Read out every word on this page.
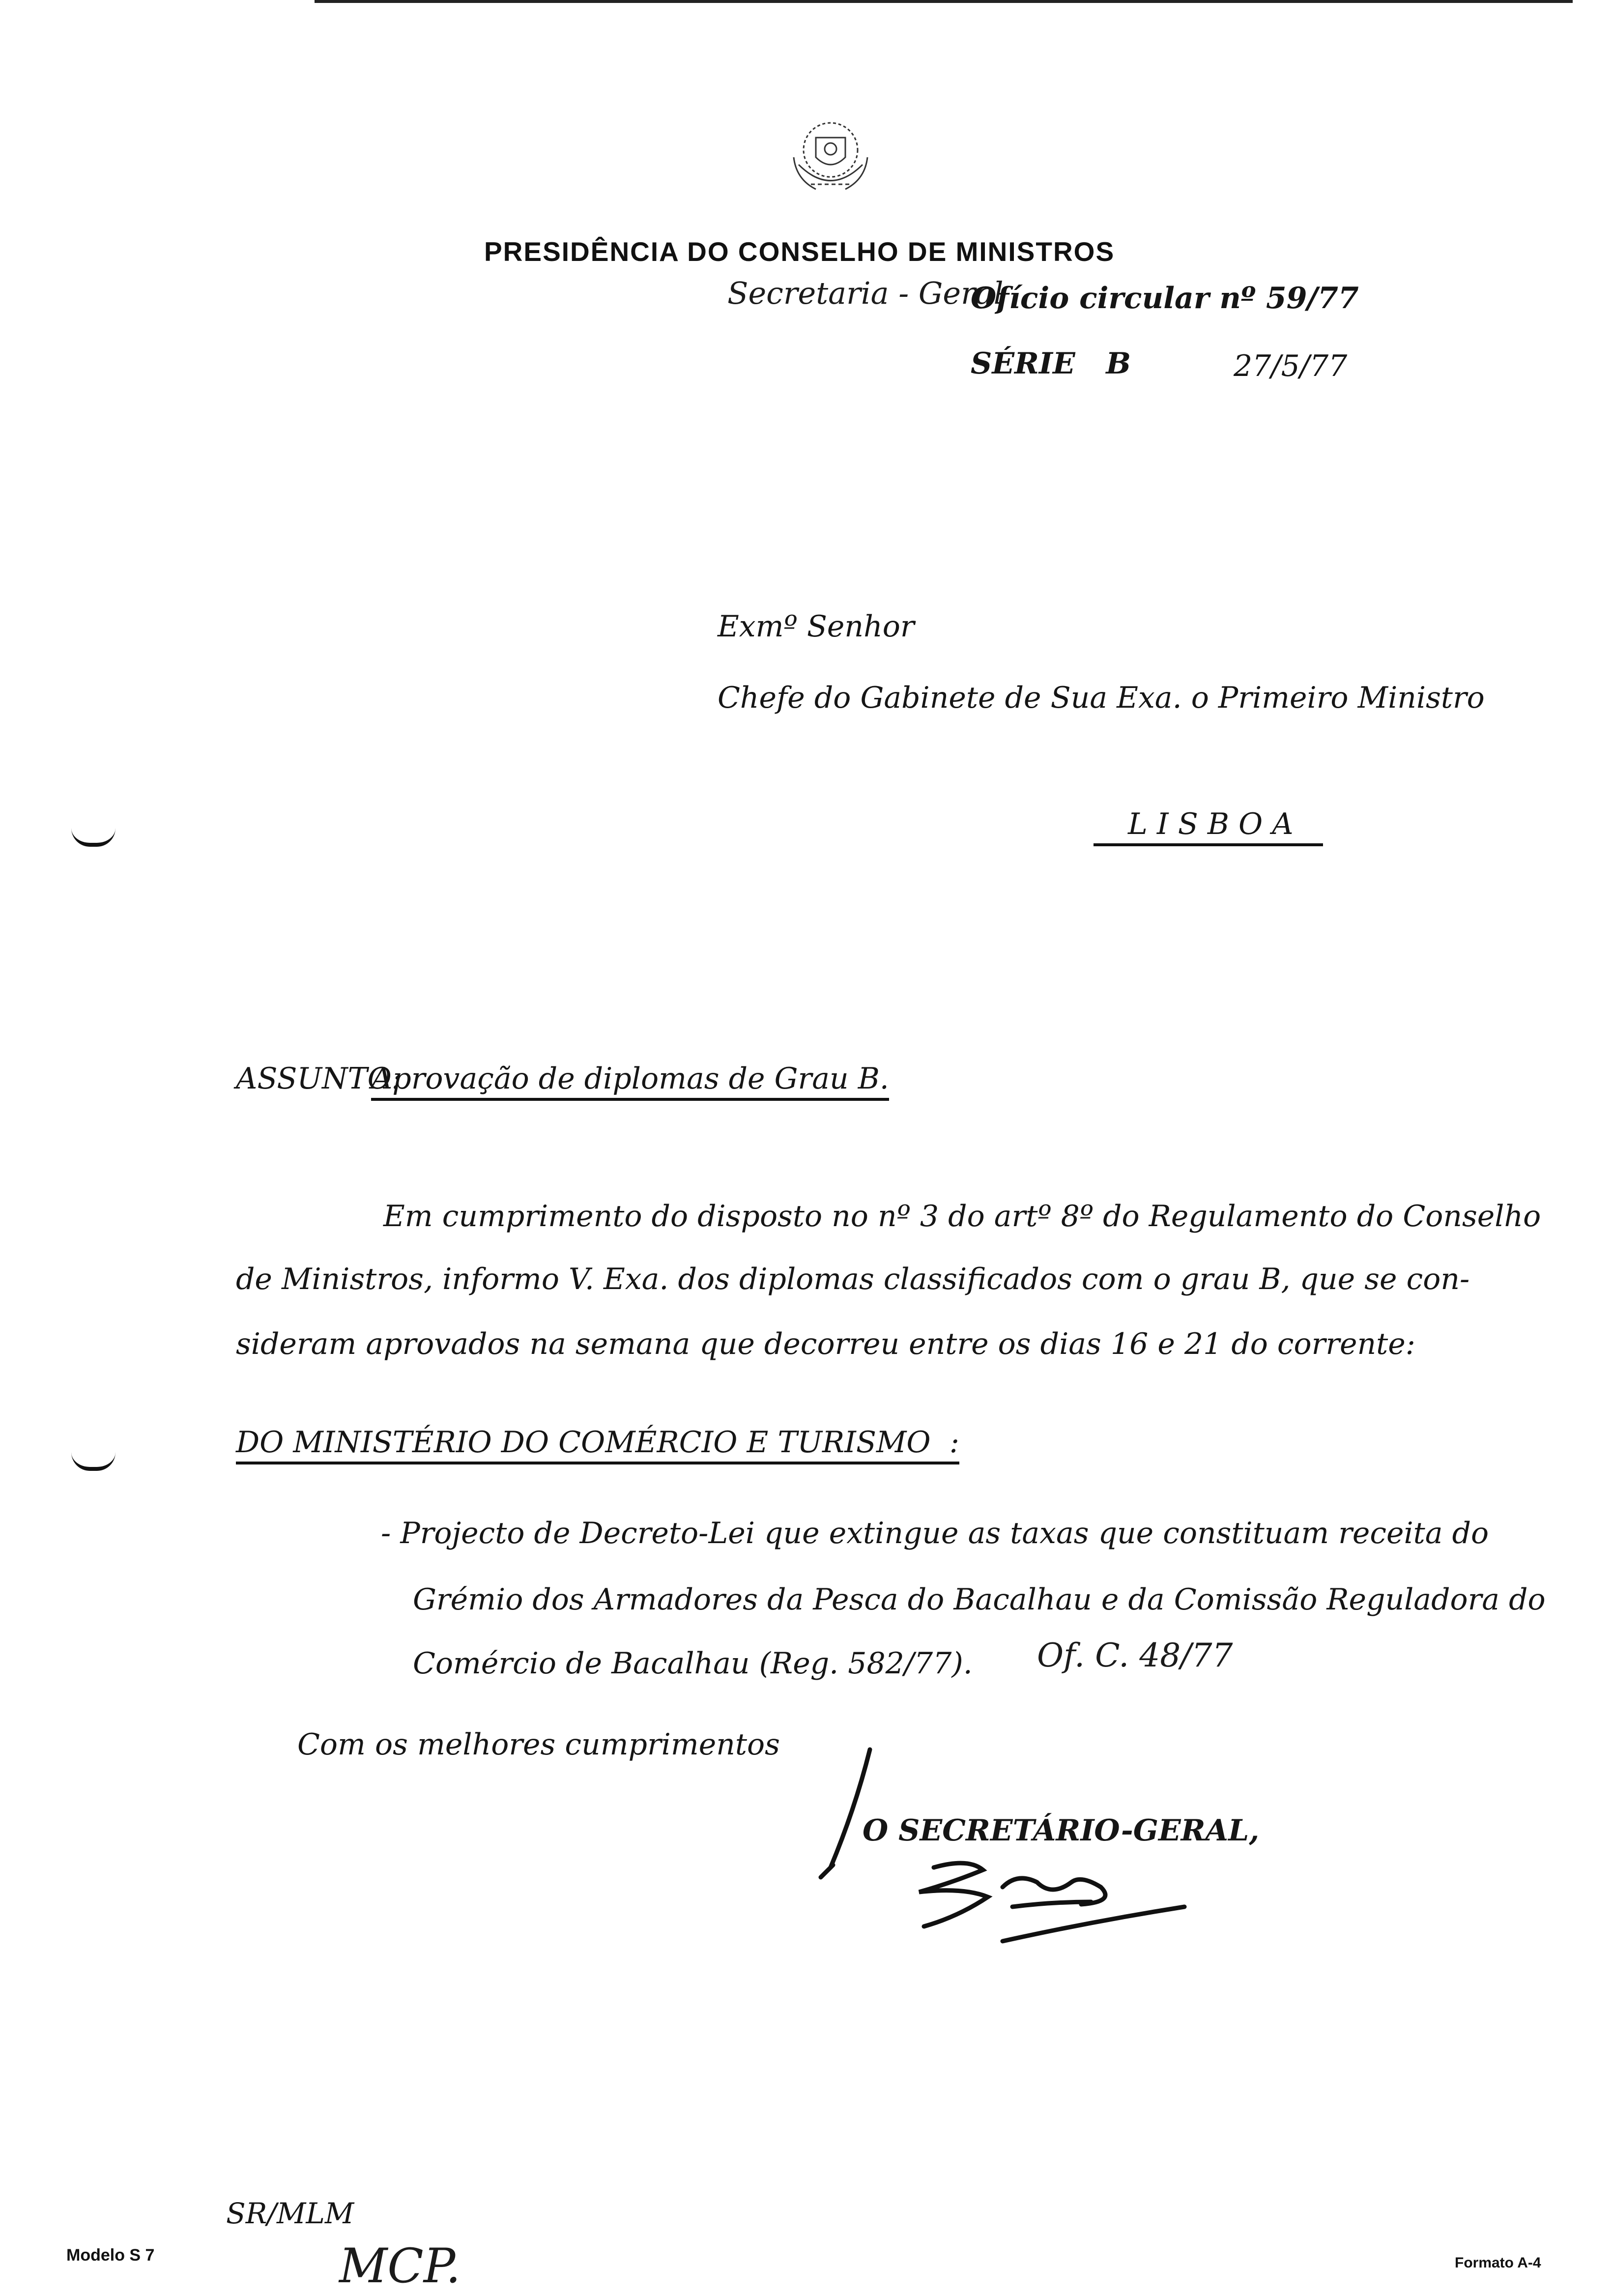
PRESIDÊNCIA DO CONSELHO DE MINISTROS
Secretaria - Geral
Ofício circular nº 59/77
SÉRIE   B	27/5/77
Exmº Senhor
Chefe do Gabinete de Sua Exa. o Primeiro Ministro
L I S B O A
ASSUNTO:
Aprovação de diplomas de Grau B.
Em cumprimento do disposto no nº 3 do artº 8º do Regulamento do Conselho
de Ministros, informo V. Exa. dos diplomas classificados com o grau B, que se con-
sideram aprovados na semana que decorreu entre os dias 16 e 21 do corrente:
DO MINISTÉRIO DO COMÉRCIO E TURISMO  :
- Projecto de Decreto-Lei que extingue as taxas que constituam receita do
Grémio dos Armadores da Pesca do Bacalhau e da Comissão Reguladora do
Comércio de Bacalhau (Reg. 582/77). Of. C. 48/77
Com os melhores cumprimentos
O SECRETÁRIO-GERAL,
SR/MLM
MCP.
Modelo S 7	Formato A-4
